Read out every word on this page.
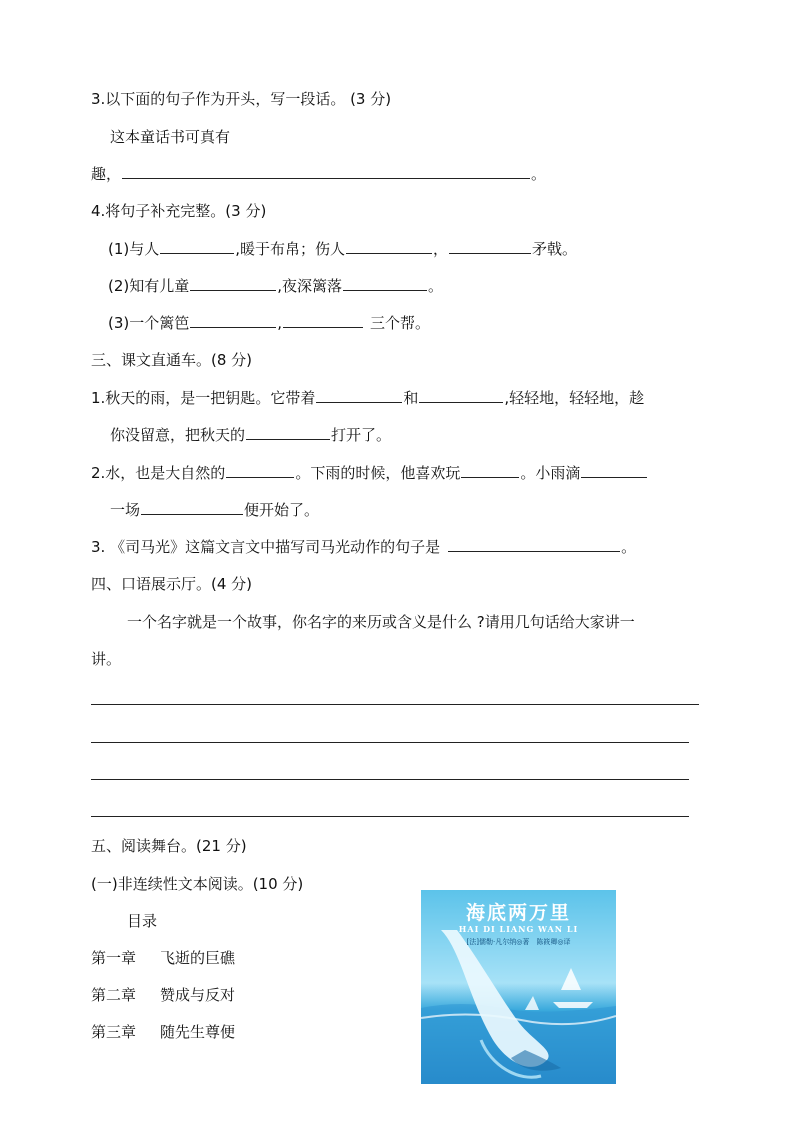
3.以下面的句子作为开头，写一段话。 (3 分)
这本童话书可真有
趣，	。
4.将句子补充完整。(3 分)
(1)与人	,暖于布帛；伤人	，	矛戟。
(2)知有儿童	,夜深篱落	。
(3)一个篱笆	,	三个帮。
三、课文直通车。(8 分)
1.秋天的雨，是一把钥匙。它带着	和	,轻轻地，轻轻地，趁
你没留意，把秋天的	打开了。
2.水，也是大自然的	。下雨的时候，他喜欢玩	。小雨滴
一场	便开始了。
3. 《司马光》这篇文言文中描写司马光动作的句子是	。
四、口语展示厅。(4 分)
一个名字就是一个故事，你名字的来历或含义是什么 ?请用几句话给大家讲一
讲。
五、阅读舞台。(21 分)
(一)非连续性文本阅读。(10 分)
目录
第一章 飞逝的巨礁
第二章 赞成与反对
第三章 随先生尊便
海底两万里
HAI DI LIANG WAN LI
[法]儒勒·凡尔纳◎著　陈筱卿◎译
